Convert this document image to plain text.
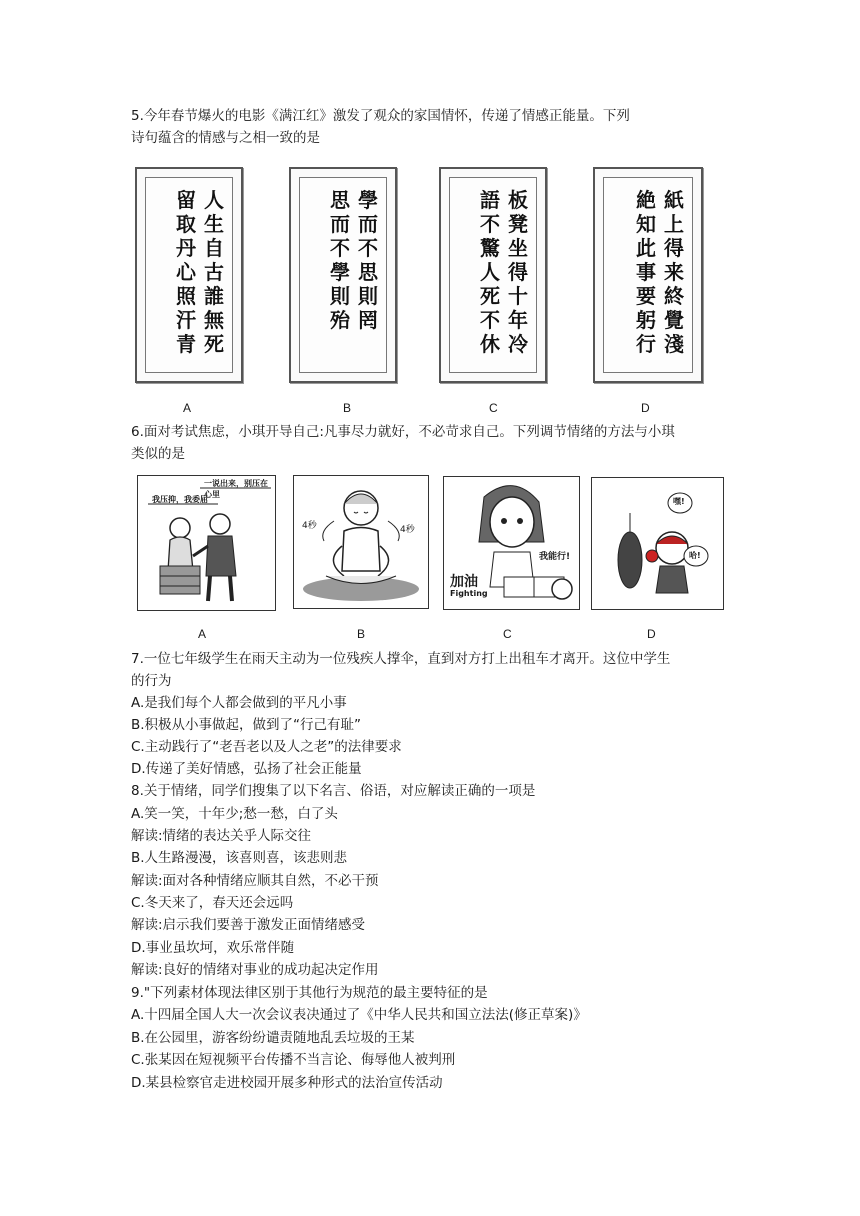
5.今年春节爆火的电影《满江红》激发了观众的家国情怀，传递了情感正能量。下列
诗句蕴含的情感与之相一致的是
人生自古誰無死
留取丹心照汗青
學而不思則罔
思而不學則殆
板凳坐得十年冷
語不驚人死不休
紙上得来終覺淺
絶知此事要躬行
A	B	C	D
6.面对考试焦虑，小琪开导自己:凡事尽力就好，不必苛求自己。下列调节情绪的方法与小琪
类似的是
一说出来，别压在心里
我压抑，我委屈
4秒	4秒
加油
Fighting
我能行!
嘿!
哈!
A	B	C	D
7.一位七年级学生在雨天主动为一位残疾人撑伞，直到对方打上出租车才离开。这位中学生
的行为
A.是我们每个人都会做到的平凡小事
B.积极从小事做起，做到了“行己有耻”
C.主动践行了“老吾老以及人之老”的法律要求
D.传递了美好情感，弘扬了社会正能量
8.关于情绪，同学们搜集了以下名言、俗语，对应解读正确的一项是
A.笑一笑，十年少;愁一愁，白了头
解读:情绪的表达关乎人际交往
B.人生路漫漫，该喜则喜，该悲则悲
解读:面对各种情绪应顺其自然，不必干预
C.冬天来了，春天还会远吗
解读:启示我们要善于激发正面情绪感受
D.事业虽坎坷，欢乐常伴随
解读:良好的情绪对事业的成功起决定作用
9."下列素材体现法律区别于其他行为规范的最主要特征的是
A.十四届全国人大一次会议表决通过了《中华人民共和国立法法(修正草案)》
B.在公园里，游客纷纷谴责随地乱丢垃圾的王某
C.张某因在短视频平台传播不当言论、侮辱他人被判刑
D.某县检察官走进校园开展多种形式的法治宣传活动
